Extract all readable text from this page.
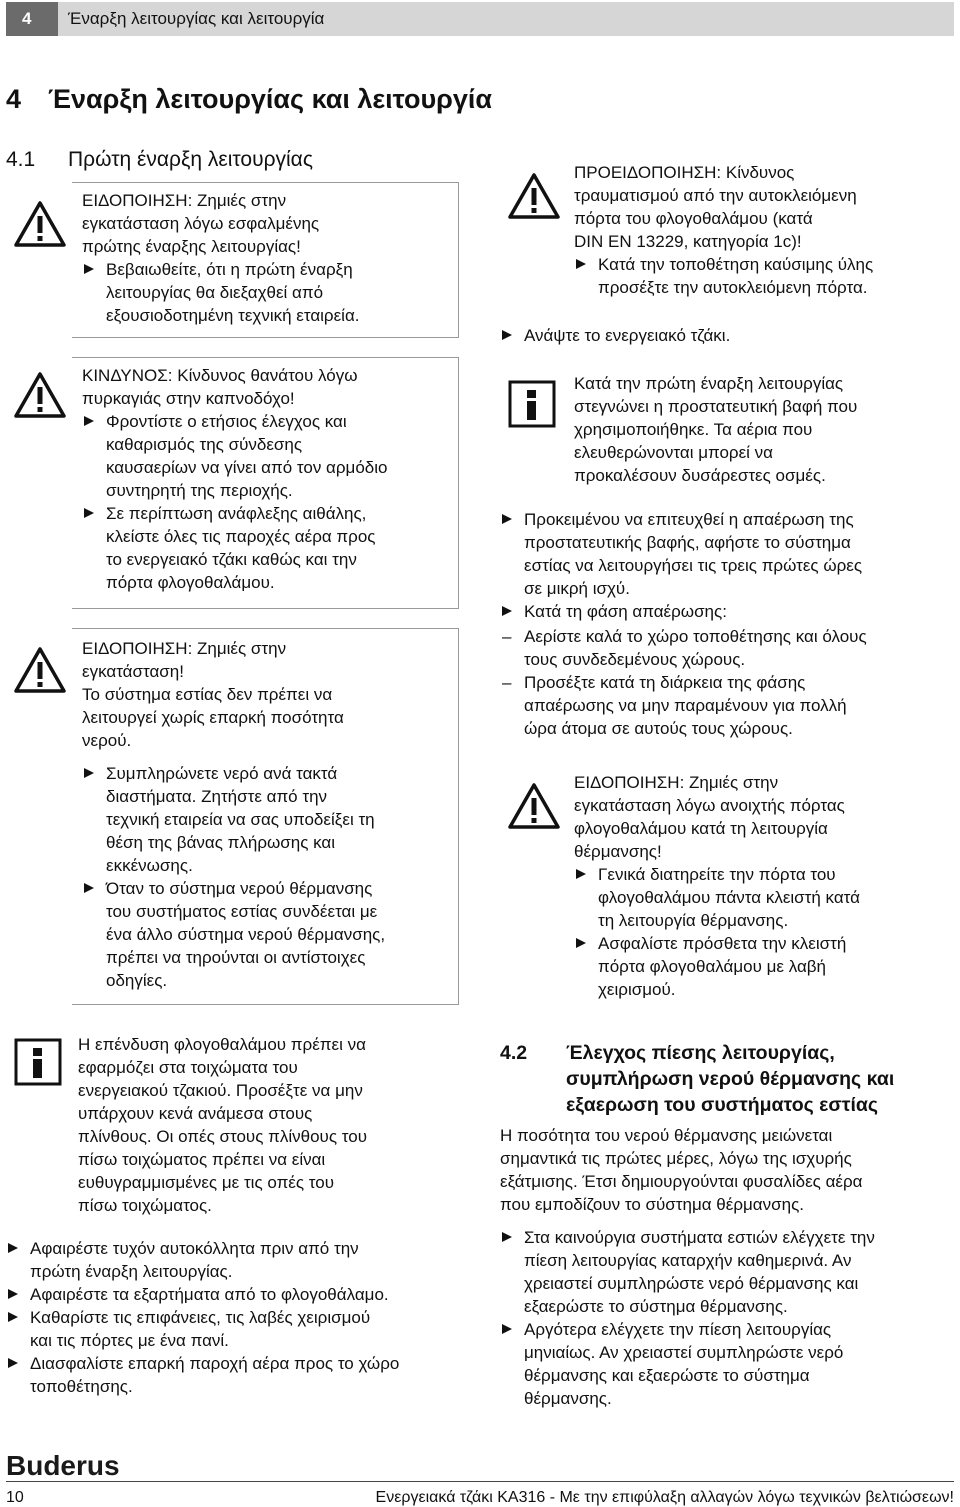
4	Έναρξη λειτουργίας και λειτουργία
4 Έναρξη λειτουργίας και λειτουργία
4.1 Πρώτη έναρξη λειτουργίας
ΕΙΔΟΠΟΙΗΣΗ: Ζημιές στην
εγκατάσταση λόγω εσφαλμένης
πρώτης έναρξης λειτουργίας!
Βεβαιωθείτε, ότι η πρώτη έναρξη
λειτουργίας θα διεξαχθεί από
εξουσιοδοτημένη τεχνική εταιρεία.
ΚΙΝΔΥΝΟΣ: Κίνδυνος θανάτου λόγω
πυρκαγιάς στην καπνοδόχο!
Φροντίστε ο ετήσιος έλεγχος και
καθαρισμός της σύνδεσης
καυσαερίων να γίνει από τον αρμόδιο
συντηρητή της περιοχής.
Σε περίπτωση ανάφλεξης αιθάλης,
κλείστε όλες τις παροχές αέρα προς
το ενεργειακό τζάκι καθώς και την
πόρτα φλογοθαλάμου.
ΕΙΔΟΠΟΙΗΣΗ: Ζημιές στην
εγκατάσταση!
Το σύστημα εστίας δεν πρέπει να
λειτουργεί χωρίς επαρκή ποσότητα
νερού.
Συμπληρώνετε νερό ανά τακτά
διαστήματα. Ζητήστε από την
τεχνική εταιρεία να σας υποδείξει τη
θέση της βάνας πλήρωσης και
εκκένωσης.
Όταν το σύστημα νερού θέρμανσης
του συστήματος εστίας συνδέεται με
ένα άλλο σύστημα νερού θέρμανσης,
πρέπει να τηρούνται οι αντίστοιχες
οδηγίες.
Η επένδυση φλογοθαλάμου πρέπει να
εφαρμόζει στα τοιχώματα του
ενεργειακού τζακιού. Προσέξτε να μην
υπάρχουν κενά ανάμεσα στους
πλίνθους. Οι οπές στους πλίνθους του
πίσω τοιχώματος πρέπει να είναι
ευθυγραμμισμένες με τις οπές του
πίσω τοιχώματος.
Αφαιρέστε τυχόν αυτοκόλλητα πριν από την
πρώτη έναρξη λειτουργίας.
Αφαιρέστε τα εξαρτήματα από το φλογοθάλαμο.
Καθαρίστε τις επιφάνειες, τις λαβές χειρισμού
και τις πόρτες με ένα πανί.
Διασφαλίστε επαρκή παροχή αέρα προς το χώρο
τοποθέτησης.
ΠΡΟΕΙΔΟΠΟΙΗΣΗ: Κίνδυνος
τραυματισμού από την αυτοκλειόμενη
πόρτα του φλογοθαλάμου (κατά
DIN EN 13229, κατηγορία 1c)!
Κατά την τοποθέτηση καύσιμης ύλης
προσέξτε την αυτοκλειόμενη πόρτα.
Ανάψτε το ενεργειακό τζάκι.
Κατά την πρώτη έναρξη λειτουργίας
στεγνώνει η προστατευτική βαφή που
χρησιμοποιήθηκε. Τα αέρια που
ελευθερώνονται μπορεί να
προκαλέσουν δυσάρεστες οσμές.
Προκειμένου να επιτευχθεί η απαέρωση της
προστατευτικής βαφής, αφήστε το σύστημα
εστίας να λειτουργήσει τις τρεις πρώτες ώρες
σε μικρή ισχύ.
Κατά τη φάση απαέρωσης:
– Αερίστε καλά το χώρο τοποθέτησης και όλους
τους συνδεδεμένους χώρους.
– Προσέξτε κατά τη διάρκεια της φάσης
απαέρωσης να μην παραμένουν για πολλή
ώρα άτομα σε αυτούς τους χώρους.
ΕΙΔΟΠΟΙΗΣΗ: Ζημιές στην
εγκατάσταση λόγω ανοιχτής πόρτας
φλογοθαλάμου κατά τη λειτουργία
θέρμανσης!
Γενικά διατηρείτε την πόρτα του
φλογοθαλάμου πάντα κλειστή κατά
τη λειτουργία θέρμανσης.
Ασφαλίστε πρόσθετα την κλειστή
πόρτα φλογοθαλάμου με λαβή
χειρισμού.
4.2 Έλεγχος πίεσης λειτουργίας,
συμπλήρωση νερού θέρμανσης και
εξαερωση του συστήματος εστίας
Η ποσότητα του νερού θέρμανσης μειώνεται
σημαντικά τις πρώτες μέρες, λόγω της ισχυρής
εξάτμισης. Έτσι δημιουργούνται φυσαλίδες αέρα
που εμποδίζουν το σύστημα θέρμανσης.
Στα καινούργια συστήματα εστιών ελέγχετε την
πίεση λειτουργίας καταρχήν καθημερινά. Αν
χρειαστεί συμπληρώστε νερό θέρμανσης και
εξαερώστε το σύστημα θέρμανσης.
Αργότερα ελέγχετε την πίεση λειτουργίας
μηνιαίως. Αν χρειαστεί συμπληρώστε νερό
θέρμανσης και εξαερώστε το σύστημα
θέρμανσης.
Buderus
10	Ενεργειακά τζάκι KA316 - Με την επιφύλαξη αλλαγών λόγω τεχνικών βελτιώσεων!
